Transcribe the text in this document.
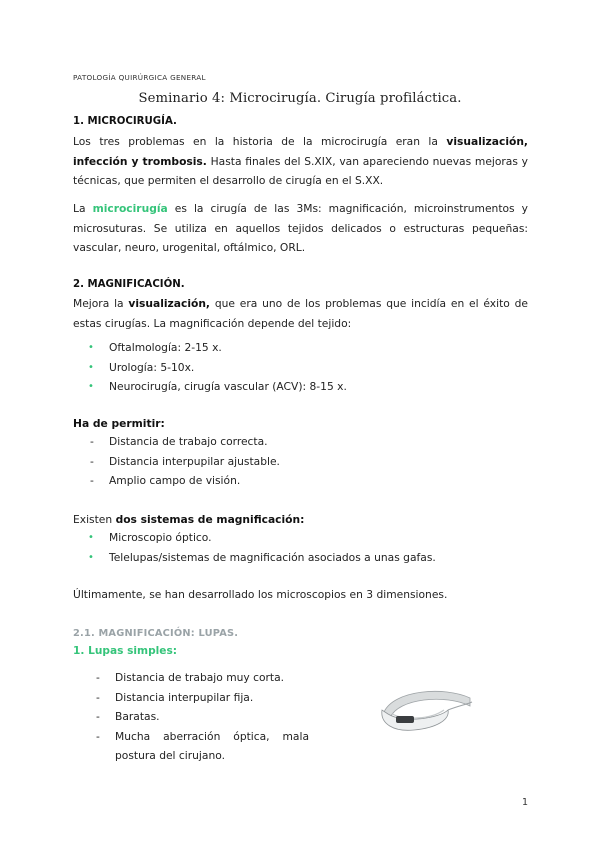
PATOLOGÍA QUIRÚRGICA GENERAL
Seminario 4: Microcirugía. Cirugía profiláctica.
1. MICROCIRUGÍA.
Los tres problemas en la historia de la microcirugía eran la visualización, infección y trombosis. Hasta finales del S.XIX, van apareciendo nuevas mejoras y técnicas, que permiten el desarrollo de cirugía en el S.XX.
La microcirugía es la cirugía de las 3Ms: magnificación, microinstrumentos y microsuturas. Se utiliza en aquellos tejidos delicados o estructuras pequeñas: vascular, neuro, urogenital, oftálmico, ORL.
2. MAGNIFICACIÓN.
Mejora la visualización, que era uno de los problemas que incidía en el éxito de estas cirugías. La magnificación depende del tejido:
• Oftalmología: 2-15 x.
• Urología: 5-10x.
• Neurocirugía, cirugía vascular (ACV): 8-15 x.
Ha de permitir:
- Distancia de trabajo correcta.
- Distancia interpupilar ajustable.
- Amplio campo de visión.
Existen dos sistemas de magnificación:
• Microscopio óptico.
• Telelupas/sistemas de magnificación asociados a unas gafas.
Últimamente, se han desarrollado los microscopios en 3 dimensiones.
2.1. MAGNIFICACIÓN: LUPAS.
1. Lupas simples:
- Distancia de trabajo muy corta.
- Distancia interpupilar fija.
- Baratas.
- Mucha aberración óptica, mala postura del cirujano.
1
